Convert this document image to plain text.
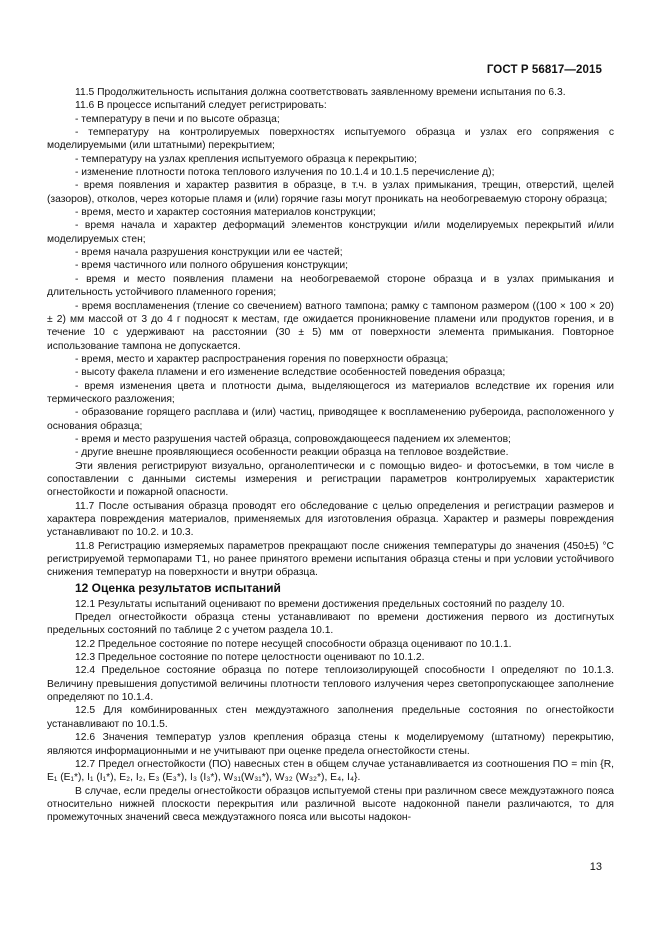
ГОСТ Р 56817—2015

11.5 Продолжительность испытания должна соответствовать заявленному времени испытания по 6.3.

11.6 В процессе испытаний следует регистрировать:

- температуру в печи и по высоте образца;

- температуру на контролируемых поверхностях испытуемого образца и узлах его сопряжения с моделируемыми (или штатными) перекрытием;

- температуру на узлах крепления испытуемого образца к перекрытию;

- изменение плотности потока теплового излучения по 10.1.4 и 10.1.5 перечисление д);

- время появления и характер развития в образце, в т.ч. в узлах примыкания, трещин, отверстий, щелей (зазоров), отколов, через которые пламя и (или) горячие газы могут проникать на необогреваемую сторону образца;

- время, место и характер состояния материалов конструкции;

- время начала и характер деформаций элементов конструкции и/или моделируемых перекрытий и/или моделируемых стен;

- время начала разрушения конструкции или ее частей;

- время частичного или полного обрушения конструкции;

- время и место появления пламени на необогреваемой стороне образца и в узлах примыкания и длительность устойчивого пламенного горения;

- время воспламенения (тление со свечением) ватного тампона; рамку с тампоном размером ((100 × 100 × 20) ± 2) мм массой от 3 до 4 г подносят к местам, где ожидается проникновение пламени или продуктов горения, и в течение 10 с удерживают на расстоянии (30 ± 5) мм от поверхности элемента примыкания. Повторное использование тампона не допускается.

- время, место и характер распространения горения по поверхности образца;

- высоту факела пламени и его изменение вследствие особенностей поведения образца;

- время изменения цвета и плотности дыма, выделяющегося из материалов вследствие их горения или термического разложения;

- образование горящего расплава и (или) частиц, приводящее к воспламенению рубероида, расположенного у основания образца;

- время и место разрушения частей образца, сопровождающееся падением их элементов;

- другие внешне проявляющиеся особенности реакции образца на тепловое воздействие.

Эти явления регистрируют визуально, органолептически и с помощью видео- и фотосъемки, в том числе в сопоставлении с данными системы измерения и регистрации параметров контролируемых характеристик огнестойкости и пожарной опасности.

11.7 После остывания образца проводят его обследование с целью определения и регистрации размеров и характера повреждения материалов, применяемых для изготовления образца. Характер и размеры повреждения устанавливают по 10.2. и 10.3.

11.8 Регистрацию измеряемых параметров прекращают после снижения температуры до значения (450±5) °С регистрируемой термопарами Т1, но ранее принятого времени испытания образца стены и при условии устойчивого снижения температур на поверхности и внутри образца.

12 Оценка результатов испытаний

12.1 Результаты испытаний оценивают по времени достижения предельных состояний по разделу 10.

Предел огнестойкости образца стены устанавливают по времени достижения первого из достигнутых предельных состояний по таблице 2 с учетом раздела 10.1.

12.2 Предельное состояние по потере несущей способности образца оценивают по 10.1.1.

12.3 Предельное состояние по потере целостности оценивают по 10.1.2.

12.4 Предельное состояние образца по потере теплоизолирующей способности I определяют по 10.1.3. Величину превышения допустимой величины плотности теплового излучения через светопропускающее заполнение определяют по 10.1.4.

12.5 Для комбинированных стен междуэтажного заполнения предельные состояния по огнестойкости устанавливают по 10.1.5.

12.6 Значения температур узлов крепления образца стены к моделируемому (штатному) перекрытию, являются информационными и не учитывают при оценке предела огнестойкости стены.

12.7 Предел огнестойкости (ПО) навесных стен в общем случае устанавливается из соотношения ПО = min {R, E₁ (E₁*), I₁ (I₁*), E₂, I₂, E₃ (E₃*), I₃ (I₃*), W₃₁(W₃₁*), W₃₂ (W₃₂*), E₄, I₄}.

В случае, если пределы огнестойкости образцов испытуемой стены при различном свесе междуэтажного пояса относительно нижней плоскости перекрытия или различной высоте надоконной панели различаются, то для промежуточных значений свеса междуэтажного пояса или высоты надокон-

13
